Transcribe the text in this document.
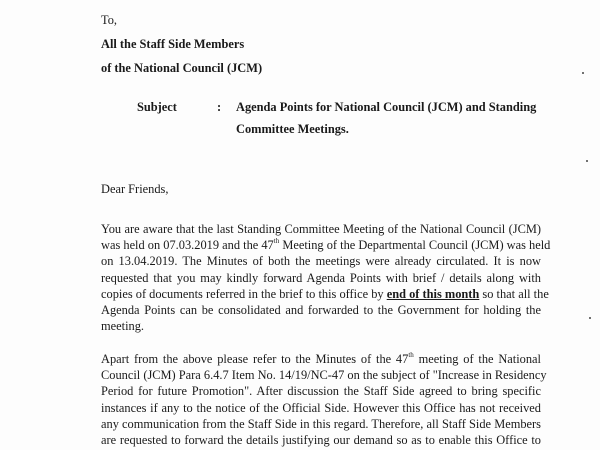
To,
All the Staff Side Members
of the National Council (JCM)
Subject	: Agenda Points for National Council (JCM) and Standing
Committee Meetings.
Dear Friends,
You are aware that the last Standing Committee Meeting of the National Council (JCM)
was held on 07.03.2019 and the 47th Meeting of the Departmental Council (JCM) was held
on 13.04.2019. The Minutes of both the meetings were already circulated. It is now
requested that you may kindly forward Agenda Points with brief / details along with
copies of documents referred in the brief to this office by end of this month so that all the
Agenda Points can be consolidated and forwarded to the Government for holding the
meeting.
Apart from the above please refer to the Minutes of the 47th meeting of the National
Council (JCM) Para 6.4.7 Item No. 14/19/NC-47 on the subject of "Increase in Residency
Period for future Promotion". After discussion the Staff Side agreed to bring specific
instances if any to the notice of the Official Side. However this Office has not received
any communication from the Staff Side in this regard. Therefore, all Staff Side Members
are requested to forward the details justifying our demand so as to enable this Office to
